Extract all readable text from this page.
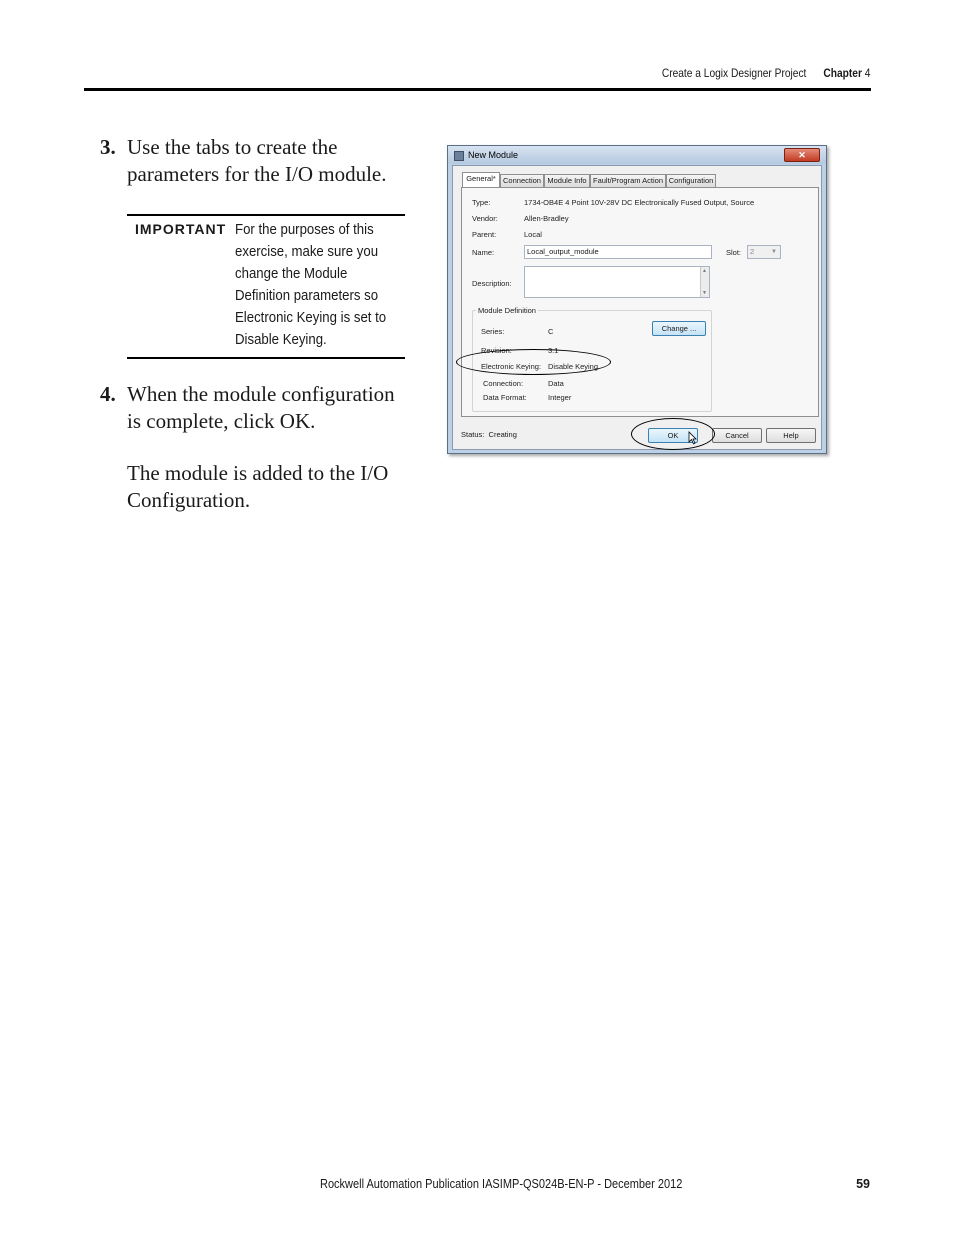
Create a Logix Designer Project Chapter 4
3. Use the tabs to create the parameters for the I/O module.
IMPORTANT For the purposes of this exercise, make sure you change the Module Definition parameters so Electronic Keying is set to Disable Keying.
4. When the module configuration is complete, click OK.
The module is added to the I/O Configuration.
New Module	✕
General* Connection Module Info Fault/Program Action Configuration
Type:	1734-OB4E 4 Point 10V-28V DC Electronically Fused Output, Source
Vendor:	Allen-Bradley
Parent:	Local
Name:	Local_output_module	Slot:	2	▼
Description:
▲
▼
Module Definition
Series:	C
Revision:	3.1
Electronic Keying: Disable Keying
Connection:	Data
Data Format:	Integer
Change ...
Status: Creating	OK	Cancel	Help
Rockwell Automation Publication IASIMP-QS024B-EN-P - December 2012	59
